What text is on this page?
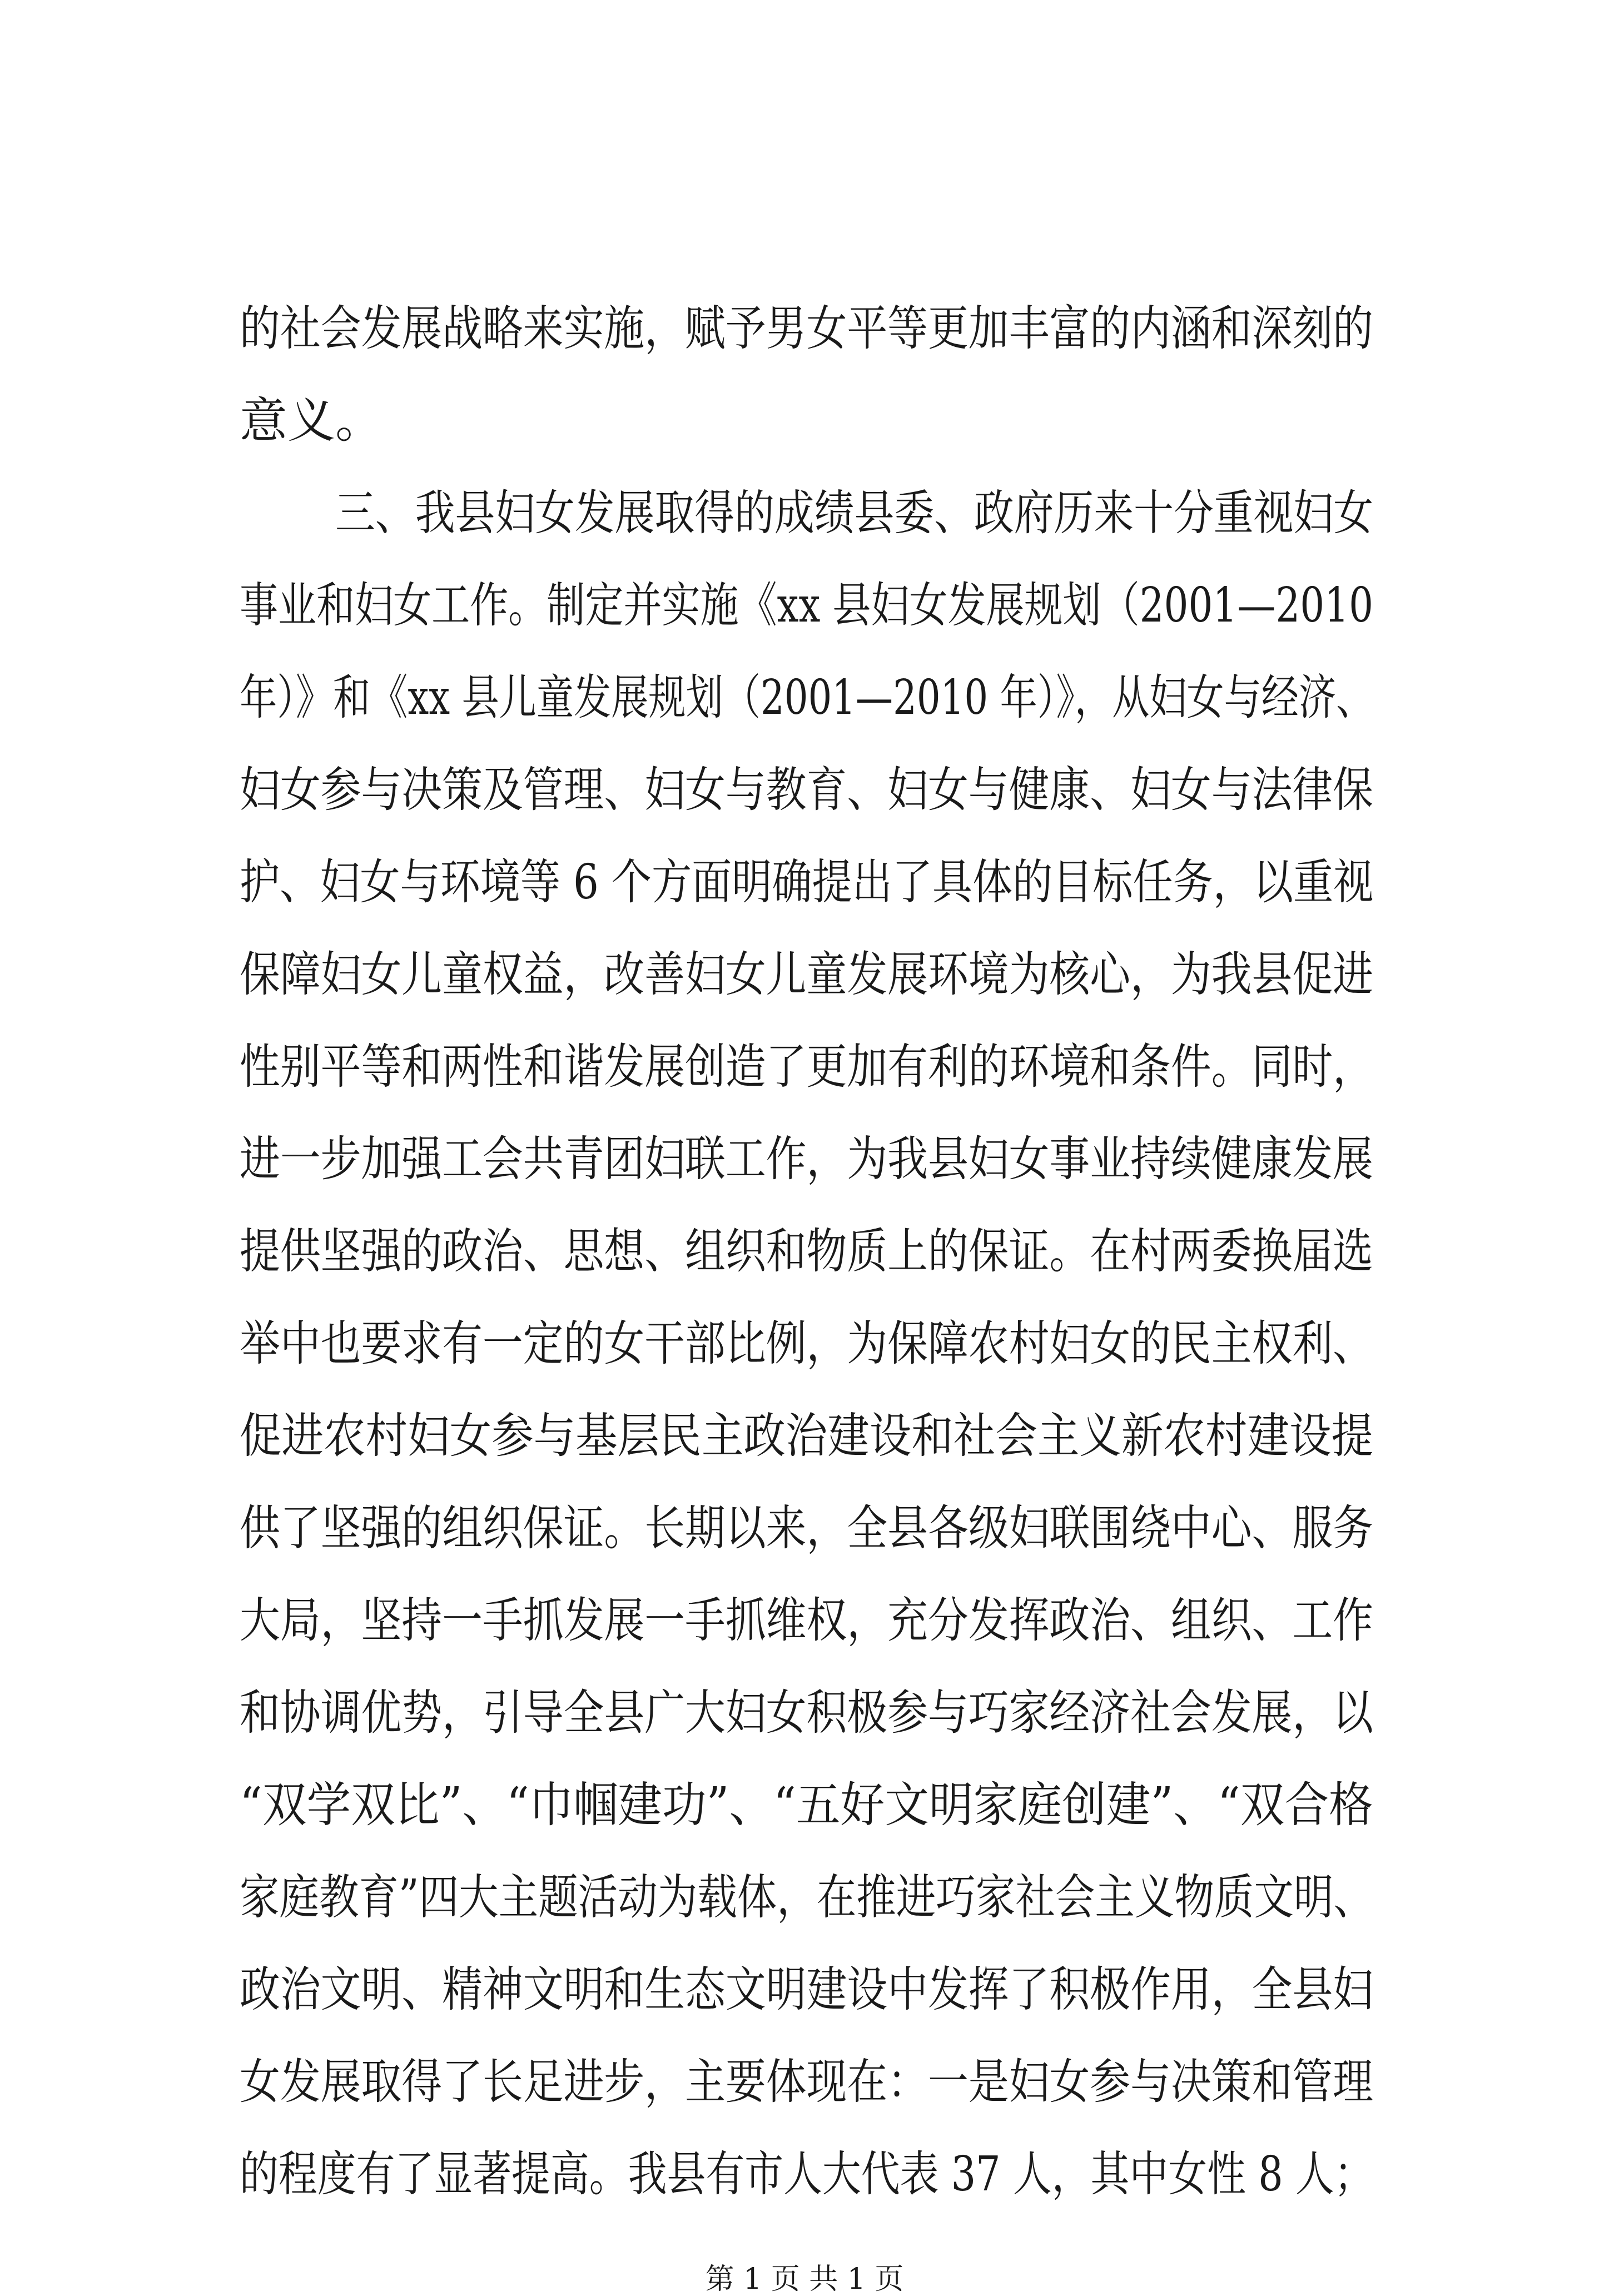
的社会发展战略来实施，赋予男女平等更加丰富的内涵和深刻的
意义。
三、我县妇女发展取得的成绩县委、政府历来十分重视妇女
事业和妇女工作。制定并实施《xx 县妇女发展规划（2001—2010
年）》和《xx 县儿童发展规划（2001—2010 年）》，从妇女与经济、
妇女参与决策及管理、妇女与教育、妇女与健康、妇女与法律保
护、妇女与环境等 6 个方面明确提出了具体的目标任务，以重视
保障妇女儿童权益，改善妇女儿童发展环境为核心，为我县促进
性别平等和两性和谐发展创造了更加有利的环境和条件。同时，
进一步加强工会共青团妇联工作，为我县妇女事业持续健康发展
提供坚强的政治、思想、组织和物质上的保证。在村两委换届选
举中也要求有一定的女干部比例，为保障农村妇女的民主权利、
促进农村妇女参与基层民主政治建设和社会主义新农村建设提
供了坚强的组织保证。长期以来，全县各级妇联围绕中心、服务
大局，坚持一手抓发展一手抓维权，充分发挥政治、组织、工作
和协调优势，引导全县广大妇女积极参与巧家经济社会发展，以
“双学双比”、“巾帼建功”、“五好文明家庭创建”、“双合格
家庭教育”四大主题活动为载体，在推进巧家社会主义物质文明、
政治文明、精神文明和生态文明建设中发挥了积极作用，全县妇
女发展取得了长足进步，主要体现在：一是妇女参与决策和管理
的程度有了显著提高。我县有市人大代表 37 人，其中女性 8 人；
第 1 页 共 1 页
